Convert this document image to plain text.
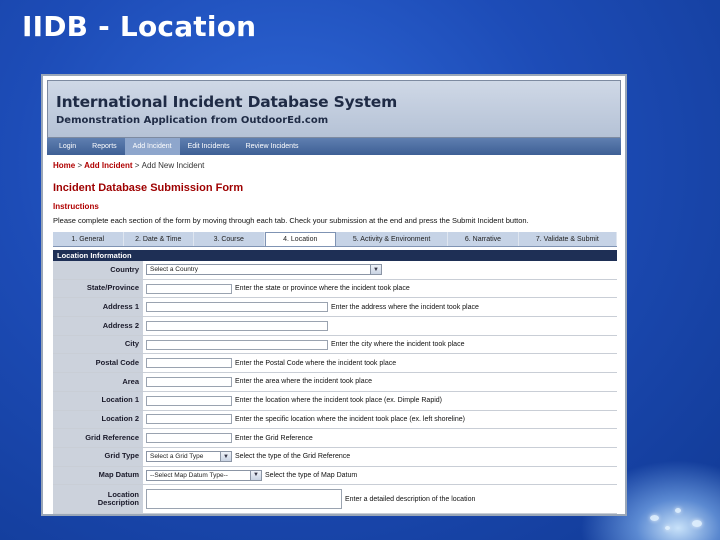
IIDB - Location
International Incident Database System
Demonstration Application from OutdoorEd.com
Login	Reports	Add Incident	Edit Incidents	Review Incidents
Home > Add Incident > Add New Incident
Incident Database Submission Form
Instructions
Please complete each section of the form by moving through each tab. Check your submission at the end and press the Submit Incident button.
1. General	2. Date & Time	3. Course	4. Location	5. Activity & Environment	6. Narrative	7. Validate & Submit
Location Information
Country	Select a Country	▼
State/Province	Enter the state or province where the incident took place
Address 1	Enter the address where the incident took place
Address 2
City	Enter the city where the incident took place
Postal Code	Enter the Postal Code where the incident took place
Area	Enter the area where the incident took place
Location 1	Enter the location where the incident took place (ex. Dimple Rapid)
Location 2	Enter the specific location where the incident took place (ex. left shoreline)
Grid Reference	Enter the Grid Reference
Grid Type	Select a Grid Type	▼ Select the type of the Grid Reference
Map Datum	--Select Map Datum Type--	▼ Select the type of Map Datum
Location
Description	Enter a detailed description of the location
